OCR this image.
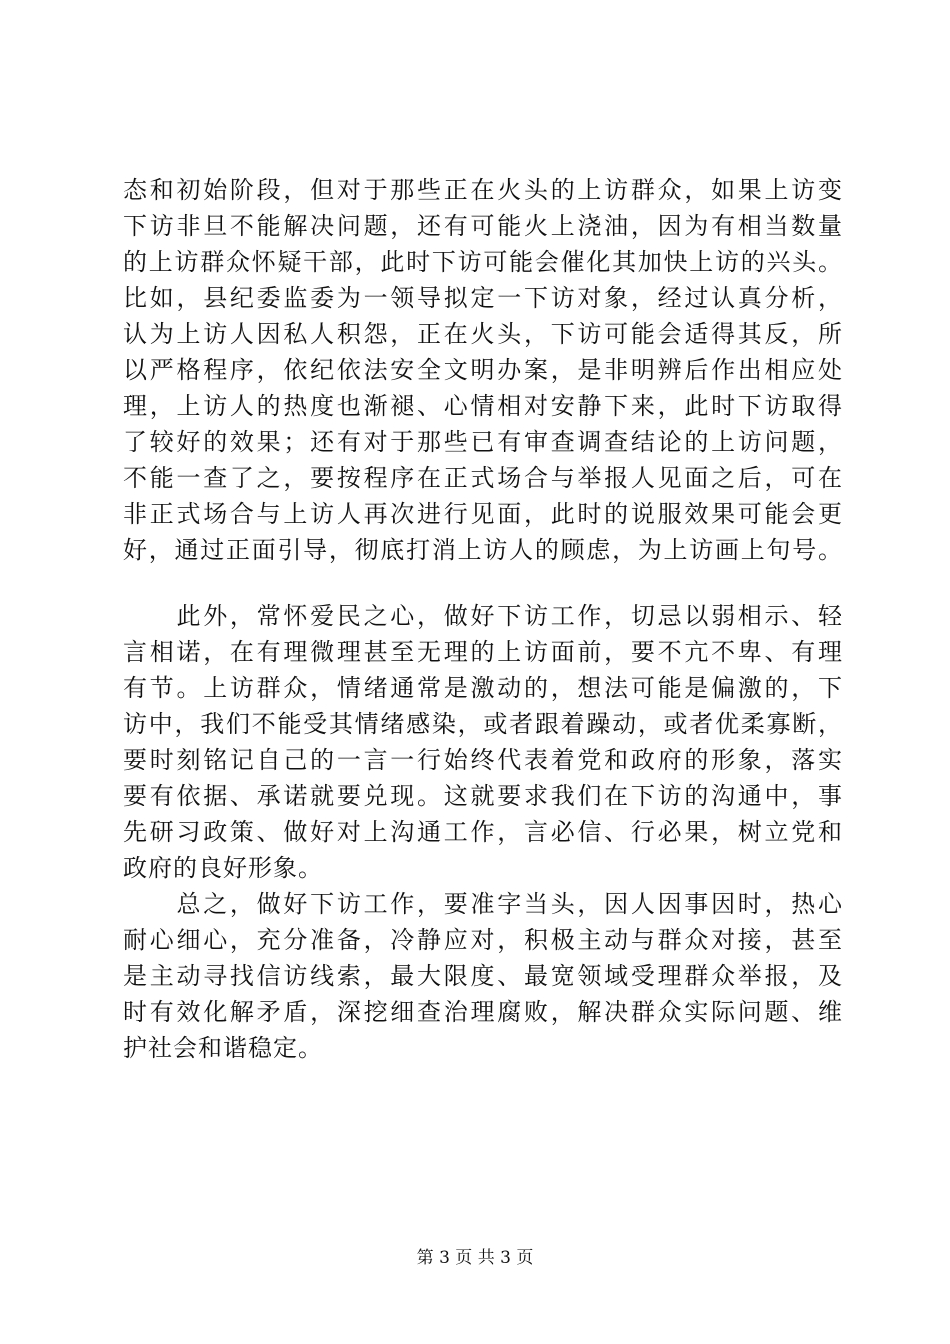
态和初始阶段，但对于那些正在火头的上访群众，如果上访变
下访非旦不能解决问题，还有可能火上浇油，因为有相当数量
的上访群众怀疑干部，此时下访可能会催化其加快上访的兴头。
比如，县纪委监委为一领导拟定一下访对象，经过认真分析，
认为上访人因私人积怨，正在火头，下访可能会适得其反，所
以严格程序，依纪依法安全文明办案，是非明辨后作出相应处
理，上访人的热度也渐褪、心情相对安静下来，此时下访取得
了较好的效果；还有对于那些已有审查调查结论的上访问题，
不能一查了之，要按程序在正式场合与举报人见面之后，可在
非正式场合与上访人再次进行见面，此时的说服效果可能会更
好，通过正面引导，彻底打消上访人的顾虑，为上访画上句号。
　　此外，常怀爱民之心，做好下访工作，切忌以弱相示、轻
言相诺，在有理微理甚至无理的上访面前，要不亢不卑、有理
有节。上访群众，情绪通常是激动的，想法可能是偏激的，下
访中，我们不能受其情绪感染，或者跟着躁动，或者优柔寡断，
要时刻铭记自己的一言一行始终代表着党和政府的形象，落实
要有依据、承诺就要兑现。这就要求我们在下访的沟通中，事
先研习政策、做好对上沟通工作，言必信、行必果，树立党和
政府的良好形象。
　　总之，做好下访工作，要准字当头，因人因事因时，热心
耐心细心，充分准备，冷静应对，积极主动与群众对接，甚至
是主动寻找信访线索，最大限度、最宽领域受理群众举报，及
时有效化解矛盾，深挖细查治理腐败，解决群众实际问题、维
护社会和谐稳定。
第 3 页 共 3 页
